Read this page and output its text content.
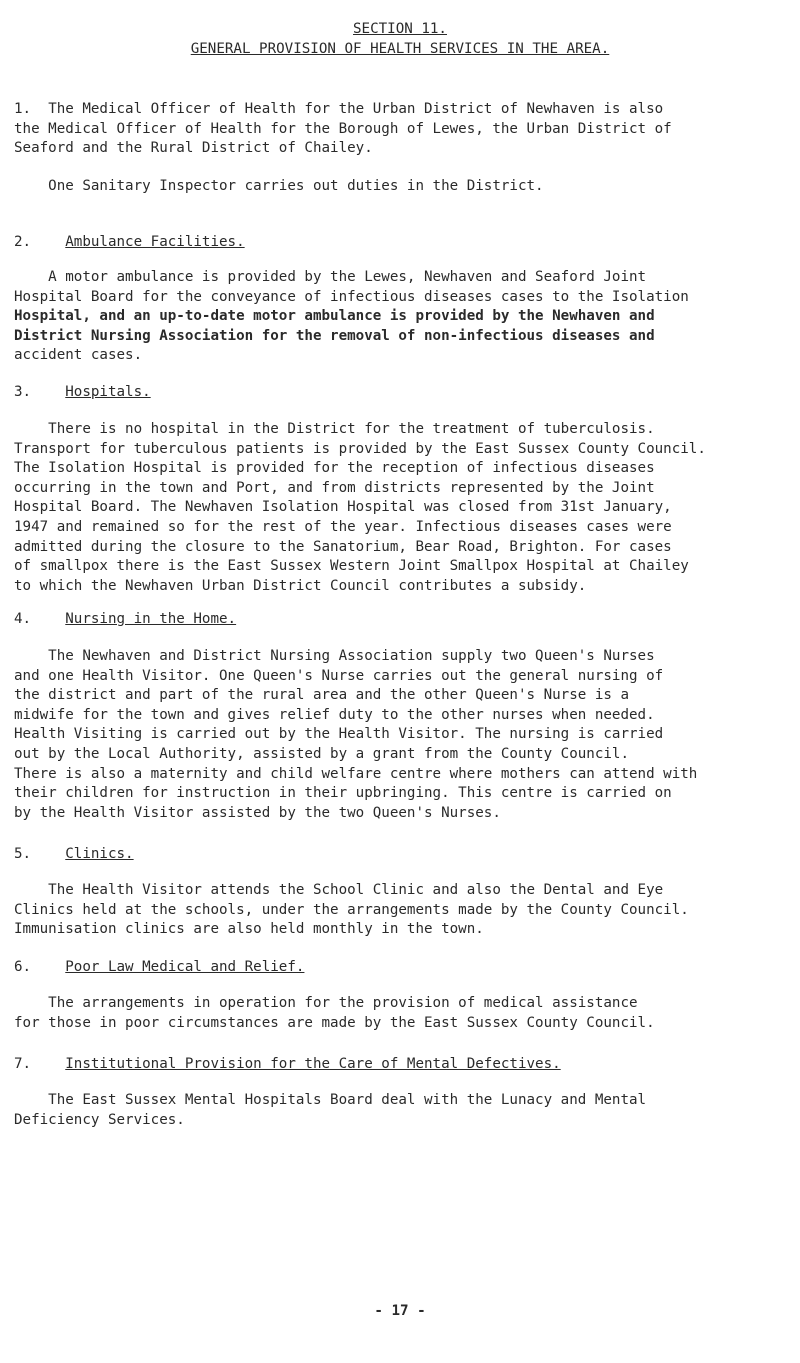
SECTION 11.
GENERAL PROVISION OF HEALTH SERVICES IN THE AREA.
1. The Medical Officer of Health for the Urban District of Newhaven is also
the Medical Officer of Health for the Borough of Lewes, the Urban District of
Seaford and the Rural District of Chailey.
One Sanitary Inspector carries out duties in the District.
2. Ambulance Facilities.
A motor ambulance is provided by the Lewes, Newhaven and Seaford Joint
Hospital Board for the conveyance of infectious diseases cases to the Isolation
Hospital, and an up-to-date motor ambulance is provided by the Newhaven and
District Nursing Association for the removal of non-infectious diseases and
accident cases.
3. Hospitals.
There is no hospital in the District for the treatment of tuberculosis.
Transport for tuberculous patients is provided by the East Sussex County Council.
The Isolation Hospital is provided for the reception of infectious diseases
occurring in the town and Port, and from districts represented by the Joint
Hospital Board. The Newhaven Isolation Hospital was closed from 31st January,
1947 and remained so for the rest of the year. Infectious diseases cases were
admitted during the closure to the Sanatorium, Bear Road, Brighton. For cases
of smallpox there is the East Sussex Western Joint Smallpox Hospital at Chailey
to which the Newhaven Urban District Council contributes a subsidy.
4. Nursing in the Home.
The Newhaven and District Nursing Association supply two Queen's Nurses
and one Health Visitor. One Queen's Nurse carries out the general nursing of
the district and part of the rural area and the other Queen's Nurse is a
midwife for the town and gives relief duty to the other nurses when needed.
Health Visiting is carried out by the Health Visitor. The nursing is carried
out by the Local Authority, assisted by a grant from the County Council.
There is also a maternity and child welfare centre where mothers can attend with
their children for instruction in their upbringing. This centre is carried on
by the Health Visitor assisted by the two Queen's Nurses.
5. Clinics.
The Health Visitor attends the School Clinic and also the Dental and Eye
Clinics held at the schools, under the arrangements made by the County Council.
Immunisation clinics are also held monthly in the town.
6. Poor Law Medical and Relief.
The arrangements in operation for the provision of medical assistance
for those in poor circumstances are made by the East Sussex County Council.
7. Institutional Provision for the Care of Mental Defectives.
The East Sussex Mental Hospitals Board deal with the Lunacy and Mental
Deficiency Services.
- 17 -
